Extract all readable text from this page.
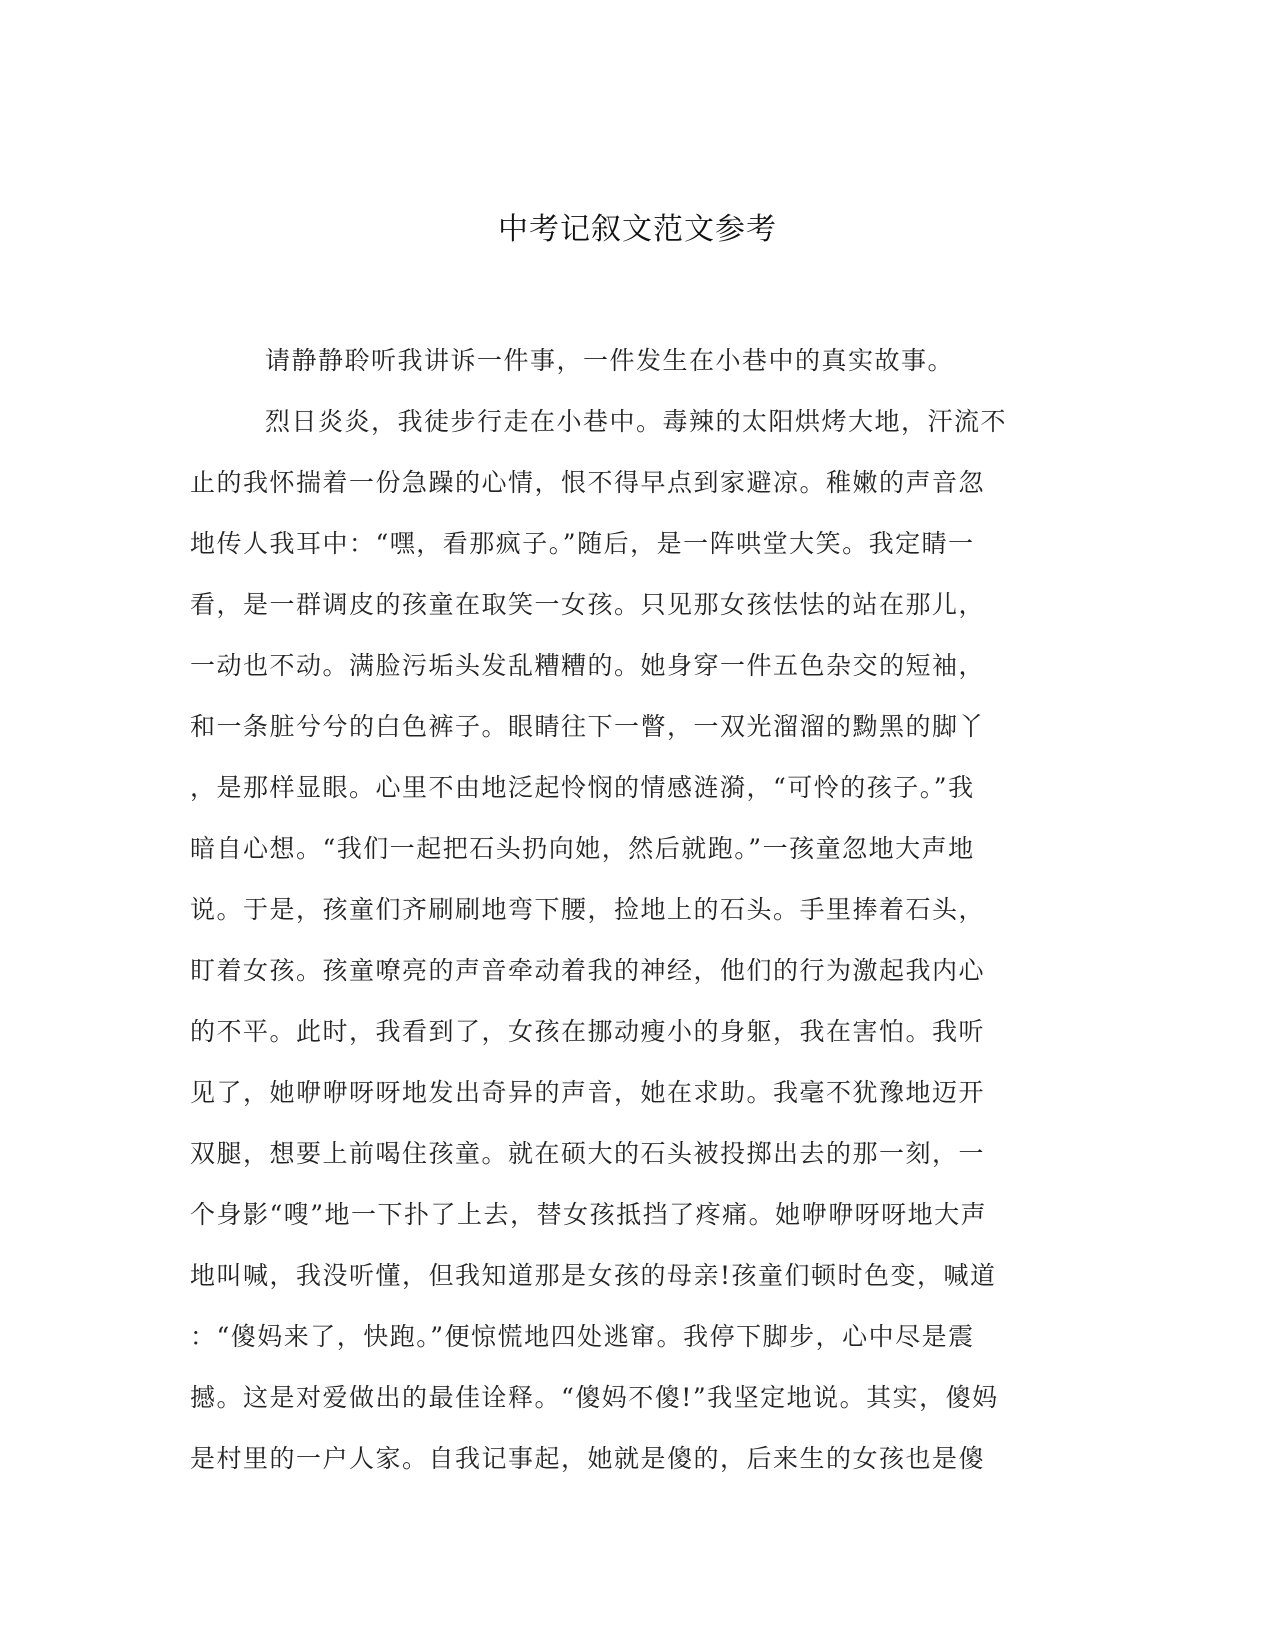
中考记叙文范文参考
请静静聆听我讲诉一件事，一件发生在小巷中的真实故事。
烈日炎炎，我徒步行走在小巷中。毒辣的太阳烘烤大地，汗流不
止的我怀揣着一份急躁的心情，恨不得早点到家避凉。稚嫩的声音忽
地传人我耳中：“嘿，看那疯子。”随后，是一阵哄堂大笑。我定睛一
看，是一群调皮的孩童在取笑一女孩。只见那女孩怯怯的站在那儿，
一动也不动。满脸污垢头发乱糟糟的。她身穿一件五色杂交的短袖，
和一条脏兮兮的白色裤子。眼睛往下一瞥，一双光溜溜的黝黑的脚丫
，是那样显眼。心里不由地泛起怜悯的情感涟漪，“可怜的孩子。”我
暗自心想。“我们一起把石头扔向她，然后就跑。”一孩童忽地大声地
说。于是，孩童们齐刷刷地弯下腰，捡地上的石头。手里捧着石头，
盯着女孩。孩童嘹亮的声音牵动着我的神经，他们的行为激起我内心
的不平。此时，我看到了，女孩在挪动瘦小的身躯，我在害怕。我听
见了，她咿咿呀呀地发出奇异的声音，她在求助。我毫不犹豫地迈开
双腿，想要上前喝住孩童。就在硕大的石头被投掷出去的那一刻，一
个身影“嗖”地一下扑了上去，替女孩抵挡了疼痛。她咿咿呀呀地大声
地叫喊，我没听懂，但我知道那是女孩的母亲!孩童们顿时色变，喊道
：“傻妈来了，快跑。”便惊慌地四处逃窜。我停下脚步，心中尽是震
撼。这是对爱做出的最佳诠释。“傻妈不傻!”我坚定地说。其实，傻妈
是村里的一户人家。自我记事起，她就是傻的，后来生的女孩也是傻
